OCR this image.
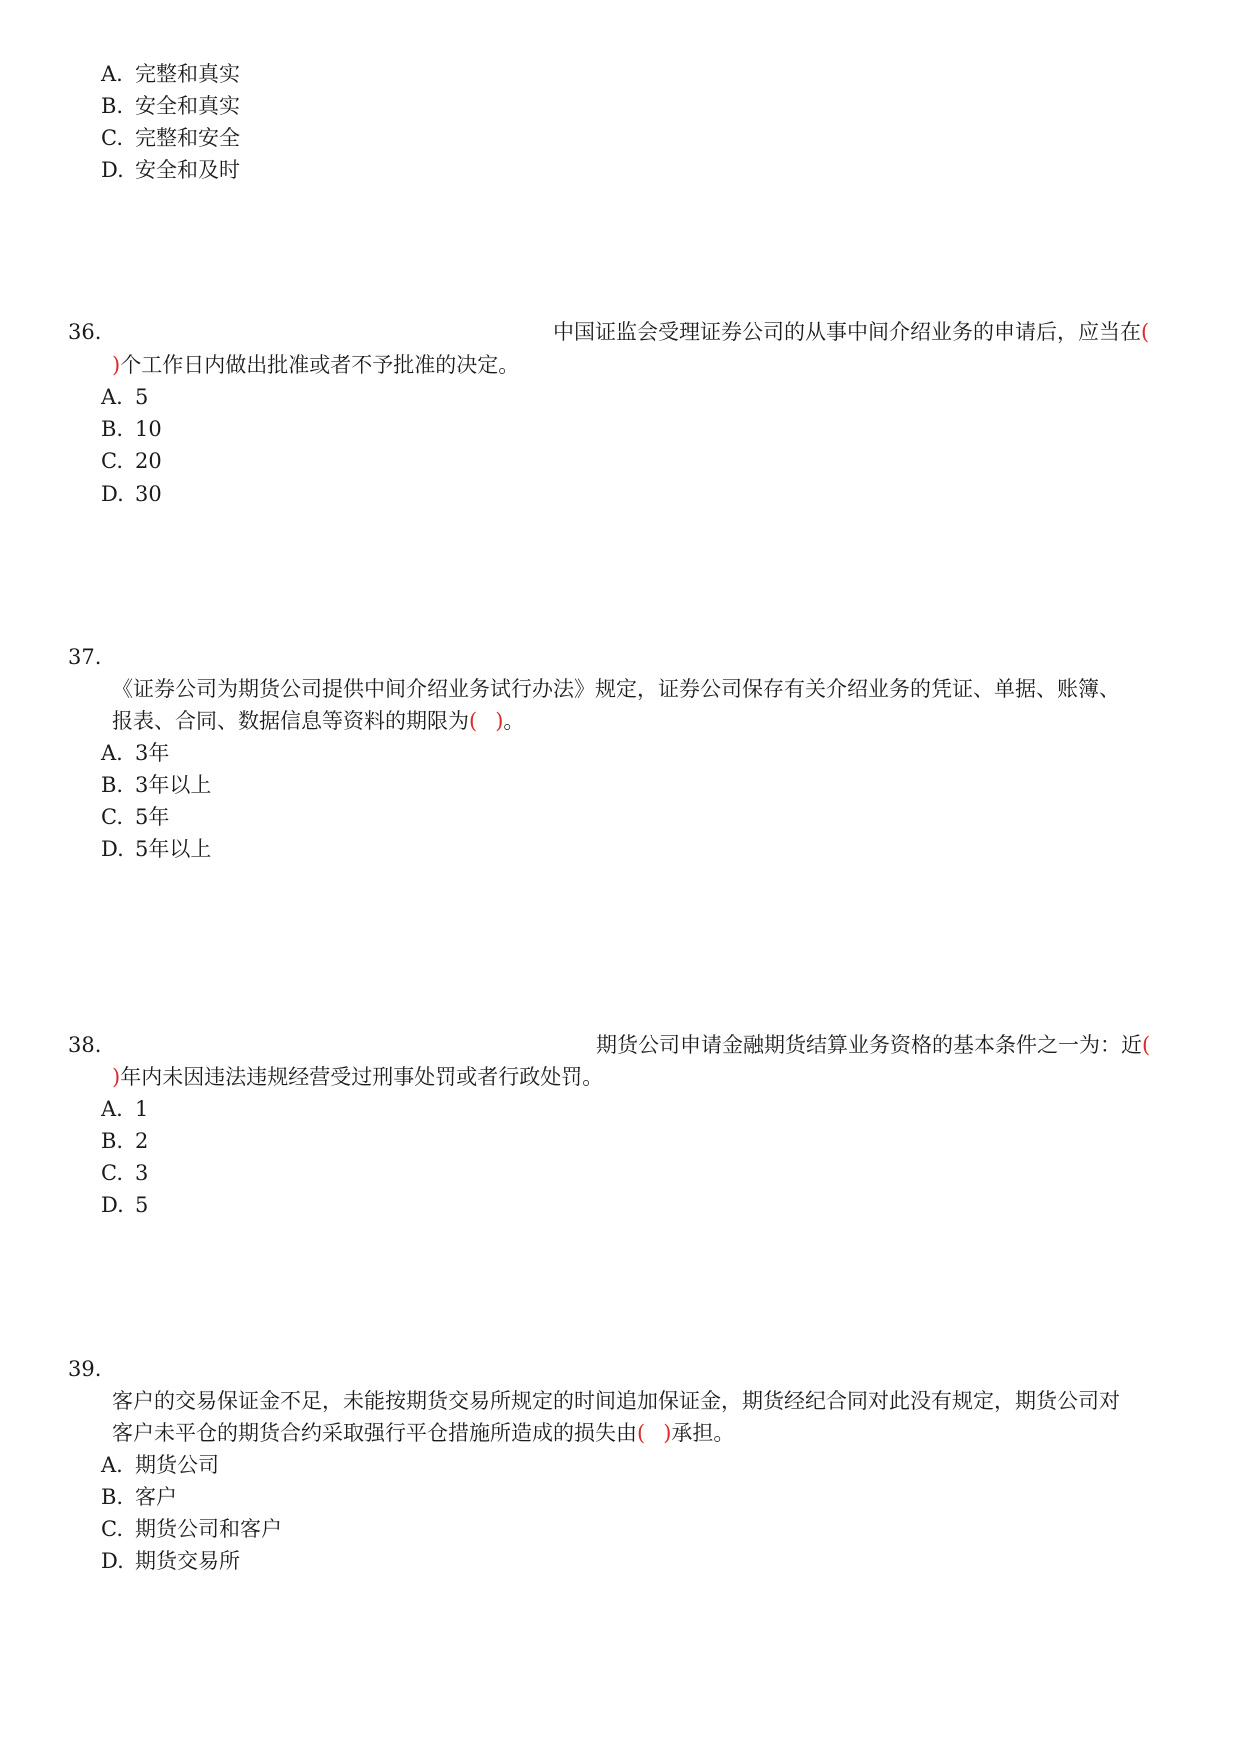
A. 完整和真实
B. 安全和真实
C. 完整和安全
D. 安全和及时
36.	中国证监会受理证券公司的从事中间介绍业务的申请后，应当在(
)个工作日内做出批准或者不予批准的决定。
A. 5
B. 10
C. 20
D. 30
37.
《证券公司为期货公司提供中间介绍业务试行办法》规定，证券公司保存有关介绍业务的凭证、单据、账簿、
报表、合同、数据信息等资料的期限为( )。
A. 3年
B. 3年以上
C. 5年
D. 5年以上
38.	期货公司申请金融期货结算业务资格的基本条件之一为：近(
)年内未因违法违规经营受过刑事处罚或者行政处罚。
A. 1
B. 2
C. 3
D. 5
39.
客户的交易保证金不足，未能按期货交易所规定的时间追加保证金，期货经纪合同对此没有规定，期货公司对
客户未平仓的期货合约采取强行平仓措施所造成的损失由( )承担。
A. 期货公司
B. 客户
C. 期货公司和客户
D. 期货交易所
